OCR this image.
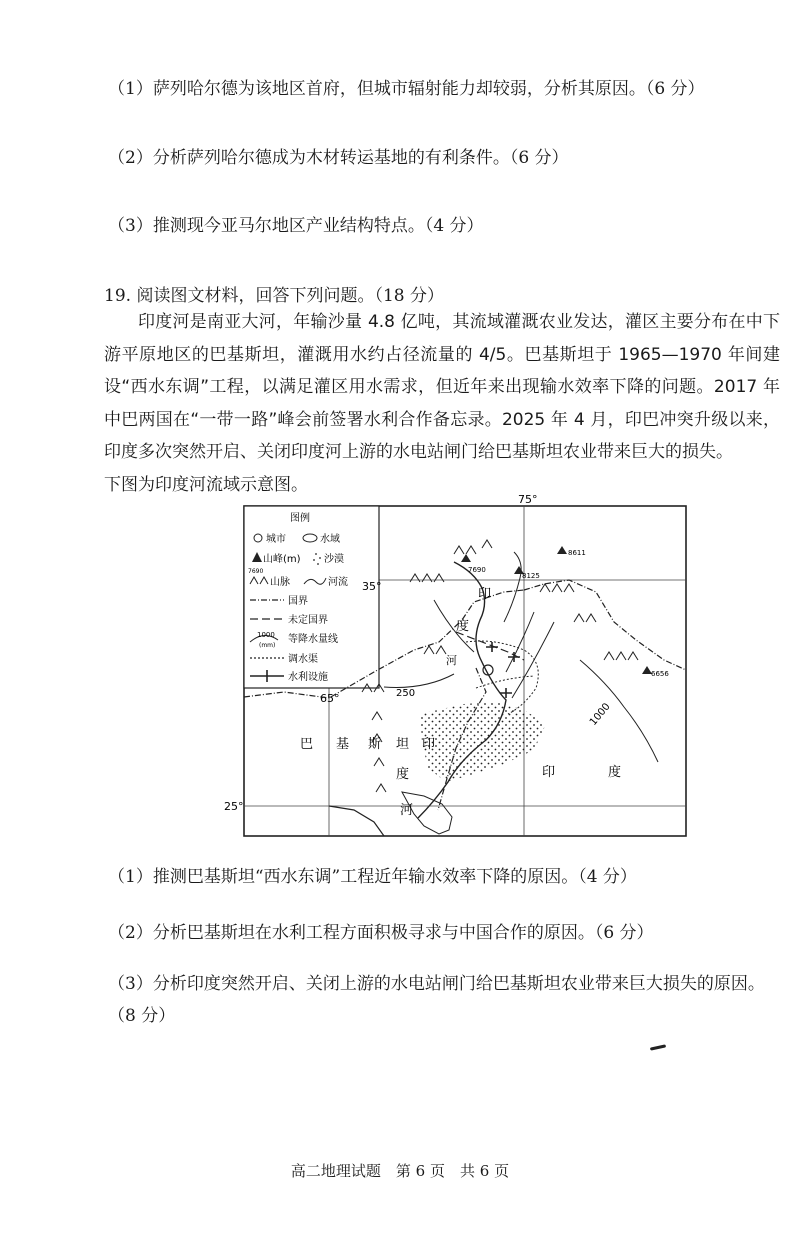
（1）萨列哈尔德为该地区首府，但城市辐射能力却较弱，分析其原因。（6 分）
（2）分析萨列哈尔德成为木材转运基地的有利条件。（6 分）
（3）推测现今亚马尔地区产业结构特点。（4 分）
19. 阅读图文材料，回答下列问题。（18 分）

印度河是南亚大河，年输沙量 4.8 亿吨，其流域灌溉农业发达，灌区主要分布在中下游平原地区的巴基斯坦，灌溉用水约占径流量的 4/5。巴基斯坦于 1965—1970 年间建设“西水东调”工程，以满足灌区用水需求，但近年来出现输水效率下降的问题。2017 年中巴两国在“一带一路”峰会前签署水利合作备忘录。2025 年 4 月，印巴冲突升级以来，印度多次突然开启、关闭印度河上游的水电站闸门给巴基斯坦农业带来巨大的损失。

下图为印度河流域示意图。

图例
城市	水域
山峰(m)
7690
沙漠
山脉	河流
国界
未定国界
1000
(mm)
等降水量线
调水渠
水利设施
75°
65°
35°
25°
7690
8611
8125
6656
250
1000
印
度
河
巴 基 斯 坦 印
度
河
印	度
（1）推测巴基斯坦“西水东调”工程近年输水效率下降的原因。（4 分）
（2）分析巴基斯坦在水利工程方面积极寻求与中国合作的原因。（6 分）
（3）分析印度突然开启、关闭上游的水电站闸门给巴基斯坦农业带来巨大损失的原因。（8 分）
高二地理试题　第 6 页　共 6 页
